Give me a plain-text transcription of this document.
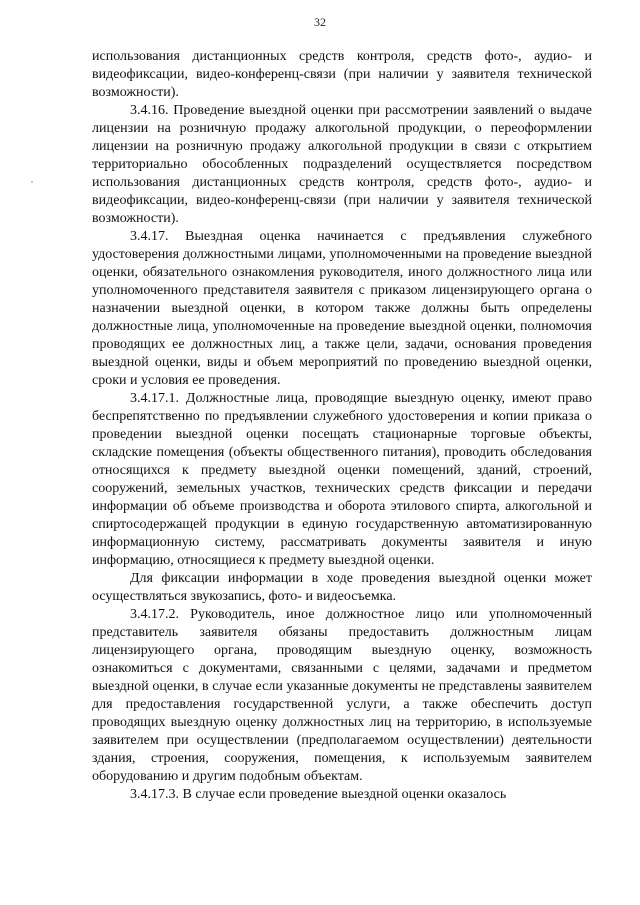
32
˙

использования дистанционных средств контроля, средств фото-, аудио- и видеофиксации, видео-конференц-связи (при наличии у заявителя технической возможности).

3.4.16. Проведение выездной оценки при рассмотрении заявлений о выдаче лицензии на розничную продажу алкогольной продукции, о переоформлении лицензии на розничную продажу алкогольной продукции в связи с открытием территориально обособленных подразделений осуществляется посредством использования дистанционных средств контроля, средств фото-, аудио- и видеофиксации, видео-конференц-связи (при наличии у заявителя технической возможности).

3.4.17. Выездная оценка начинается с предъявления служебного удостоверения должностными лицами, уполномоченными на проведение выездной оценки, обязательного ознакомления руководителя, иного должностного лица или уполномоченного представителя заявителя с приказом лицензирующего органа о назначении выездной оценки, в котором также должны быть определены должностные лица, уполномоченные на проведение выездной оценки, полномочия проводящих ее должностных лиц, а также цели, задачи, основания проведения выездной оценки, виды и объем мероприятий по проведению выездной оценки, сроки и условия ее проведения.

3.4.17.1. Должностные лица, проводящие выездную оценку, имеют право беспрепятственно по предъявлении служебного удостоверения и копии приказа о проведении выездной оценки посещать стационарные торговые объекты, складские помещения (объекты общественного питания), проводить обследования относящихся к предмету выездной оценки помещений, зданий, строений, сооружений, земельных участков, технических средств фиксации и передачи информации об объеме производства и оборота этилового спирта, алкогольной и спиртосодержащей продукции в единую государственную автоматизированную информационную систему, рассматривать документы заявителя и иную информацию, относящиеся к предмету выездной оценки.

Для фиксации информации в ходе проведения выездной оценки может осуществляться звукозапись, фото- и видеосъемка.

3.4.17.2. Руководитель, иное должностное лицо или уполномоченный представитель заявителя обязаны предоставить должностным лицам лицензирующего органа, проводящим выездную оценку, возможность ознакомиться с документами, связанными с целями, задачами и предметом выездной оценки, в случае если указанные документы не представлены заявителем для предоставления государственной услуги, а также обеспечить доступ проводящих выездную оценку должностных лиц на территорию, в используемые заявителем при осуществлении (предполагаемом осуществлении) деятельности здания, строения, сооружения, помещения, к используемым заявителем оборудованию и другим подобным объектам.

3.4.17.3. В случае если проведение выездной оценки оказалось
